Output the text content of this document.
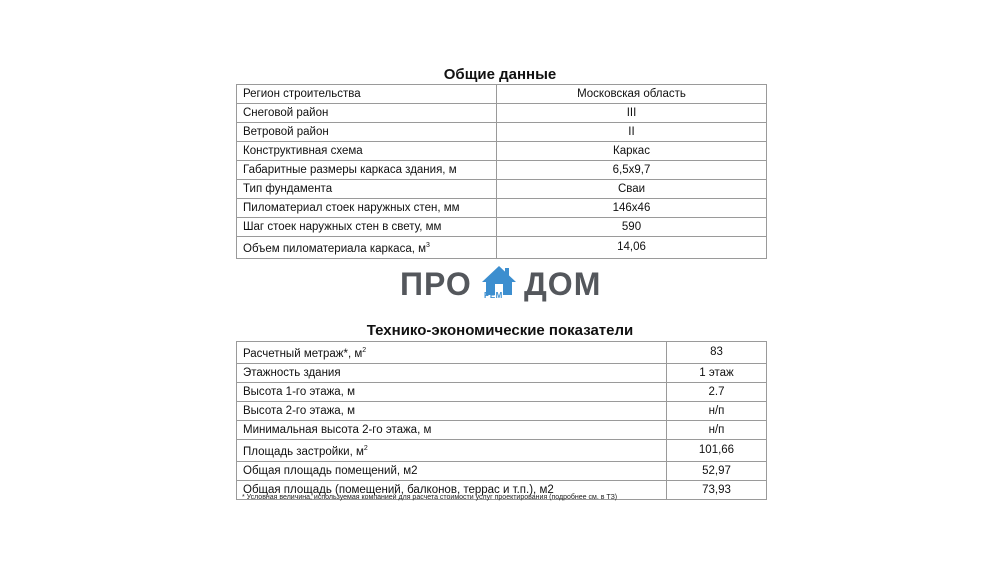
Общие данные
Регион строительства	Московская область
Снеговой район	III
Ветровой район	II
Конструктивная схема	Каркас
Габаритные размеры каркаса здания, м	6,5х9,7
Тип фундамента	Сваи
Пиломатериал стоек наружных стен, мм	146х46
Шаг стоек наружных стен в свету, мм	590
Объем пиломатериала каркаса, $м^3$	14,06
ПРО РЕМ ДОМ
Технико-экономические показатели
Расчетный метраж*, $м^2$	83
Этажность здания	1 этаж
Высота 1-го этажа, м	2.7
Высота 2-го этажа, м	н/п
Минимальная высота 2-го этажа, м	н/п
Площадь застройки, $м^2$	101,66
Общая площадь помещений, м2	52,97
Общая площадь (помещений, балконов, террас и т.п.), м2	73,93
* Условная величина, используемая компанией для расчета стоимости услуг проектирования (подробнее см. в ТЗ)
